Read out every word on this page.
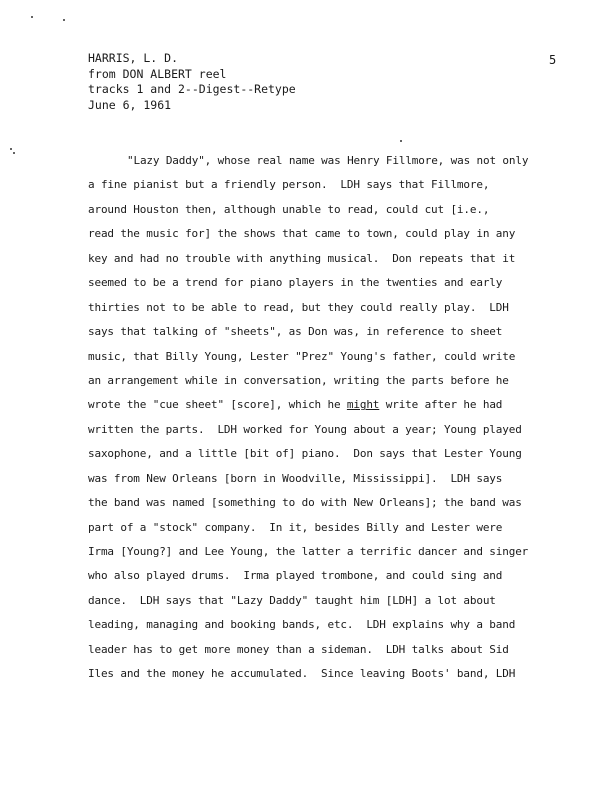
HARRIS, L. D.
from DON ALBERT reel
tracks 1 and 2--Digest--Retype
June 6, 1961
5
"Lazy Daddy", whose real name was Henry Fillmore, was not only
a fine pianist but a friendly person.  LDH says that Fillmore,
around Houston then, although unable to read, could cut [i.e.,
read the music for] the shows that came to town, could play in any
key and had no trouble with anything musical.  Don repeats that it
seemed to be a trend for piano players in the twenties and early
thirties not to be able to read, but they could really play.  LDH
says that talking of "sheets", as Don was, in reference to sheet
music, that Billy Young, Lester "Prez" Young's father, could write
an arrangement while in conversation, writing the parts before he
wrote the "cue sheet" [score], which he might write after he had
written the parts.  LDH worked for Young about a year; Young played
saxophone, and a little [bit of] piano.  Don says that Lester Young
was from New Orleans [born in Woodville, Mississippi].  LDH says
the band was named [something to do with New Orleans]; the band was
part of a "stock" company.  In it, besides Billy and Lester were
Irma [Young?] and Lee Young, the latter a terrific dancer and singer
who also played drums.  Irma played trombone, and could sing and
dance.  LDH says that "Lazy Daddy" taught him [LDH] a lot about
leading, managing and booking bands, etc.  LDH explains why a band
leader has to get more money than a sideman.  LDH talks about Sid
Iles and the money he accumulated.  Since leaving Boots' band, LDH
